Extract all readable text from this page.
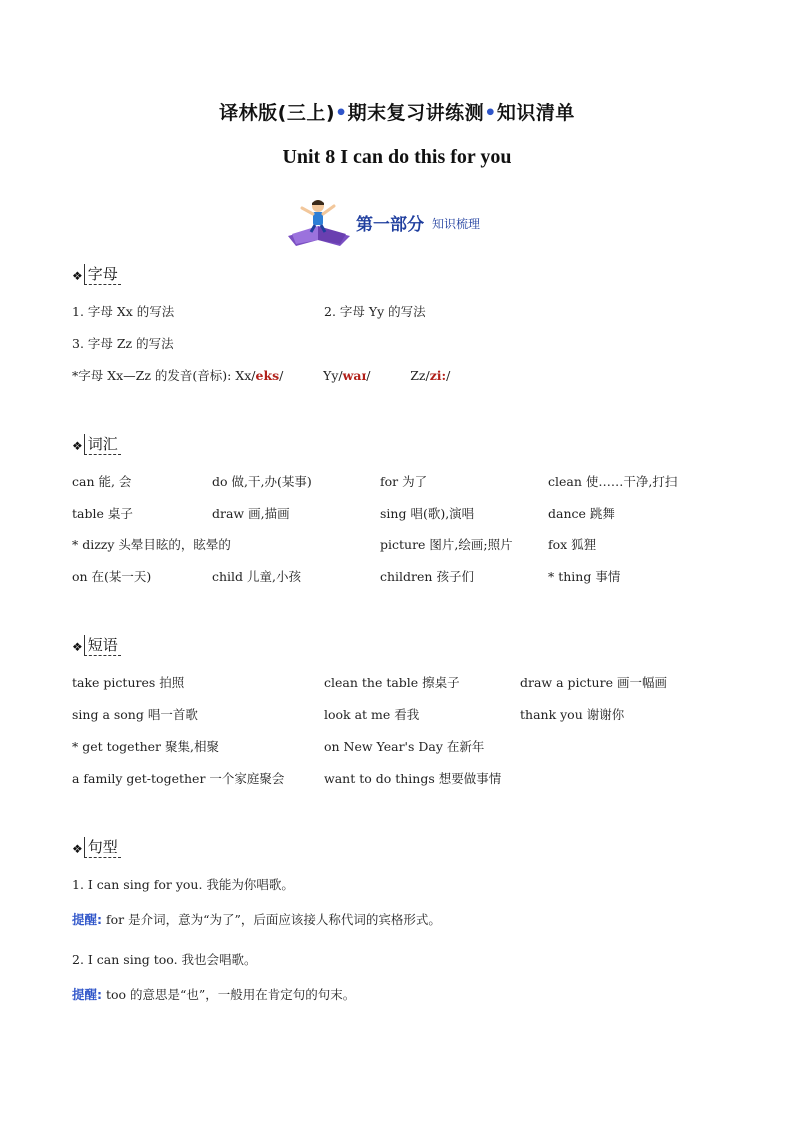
译林版(三上)•期末复习讲练测•知识清单
Unit 8 I can do this for you
第一部分 知识梳理
❖ 字母
1. 字母 Xx 的写法	2. 字母 Yy 的写法
3. 字母 Zz 的写法
*字母 Xx—Zz 的发音(音标): Xx/eks/          Yy/waɪ/          Zz/zi:/
❖ 词汇
can 能, 会	do 做,干,办(某事)	for 为了	clean 使……干净,打扫
table 桌子	draw 画,描画	sing 唱(歌),演唱	dance 跳舞
* dizzy 头晕目眩的，眩晕的	picture 图片,绘画;照片	fox 狐狸
on 在(某一天)	child 儿童,小孩	children 孩子们	* thing 事情
❖ 短语
take pictures 拍照	clean the table 擦桌子	draw a picture 画一幅画
sing a song 唱一首歌	look at me 看我	thank you 谢谢你
* get together 聚集,相聚	on New Year's Day 在新年
a family get-together 一个家庭聚会	want to do things 想要做事情
❖ 句型
1. I can sing for you. 我能为你唱歌。
提醒: for 是介词，意为“为了”，后面应该接人称代词的宾格形式。
2. I can sing too. 我也会唱歌。
提醒: too 的意思是“也”，一般用在肯定句的句末。
